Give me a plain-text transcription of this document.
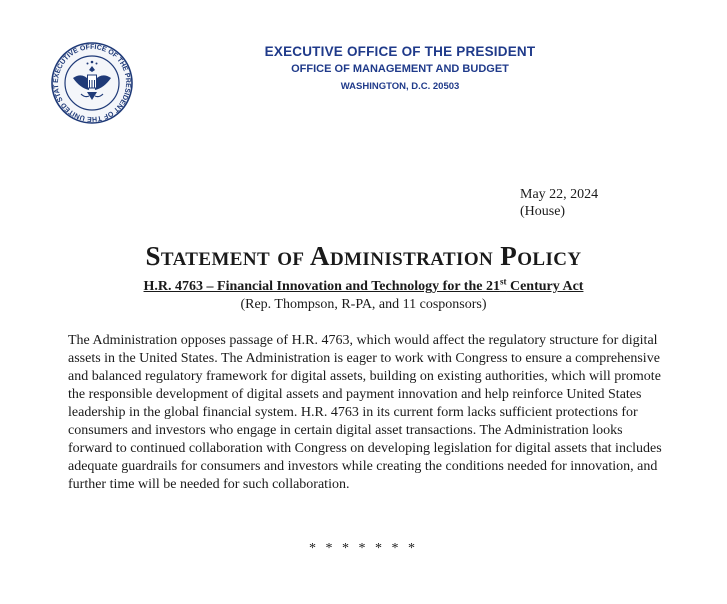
EXECUTIVE OFFICE OF THE PRESIDENT OF THE UNITED STAT
EXECUTIVE OFFICE OF THE PRESIDENT
OFFICE OF MANAGEMENT AND BUDGET
WASHINGTON, D.C. 20503
May 22, 2024
(House)
Statement of Administration Policy
H.R. 4763 – Financial Innovation and Technology for the 21st Century Act
(Rep. Thompson, R-PA, and 11 cosponsors)

The Administration opposes passage of H.R. 4763, which would affect the regulatory structure for digital assets in the United States. The Administration is eager to work with Congress to ensure a comprehensive and balanced regulatory framework for digital assets, building on existing authorities, which will promote the responsible development of digital assets and payment innovation and help reinforce United States leadership in the global financial system. H.R. 4763 in its current form lacks sufficient protections for consumers and investors who engage in certain digital asset transactions. The Administration looks forward to continued collaboration with Congress on developing legislation for digital assets that includes adequate guardrails for consumers and investors while creating the conditions needed for innovation, and further time will be needed for such collaboration.

* * * * * * *
